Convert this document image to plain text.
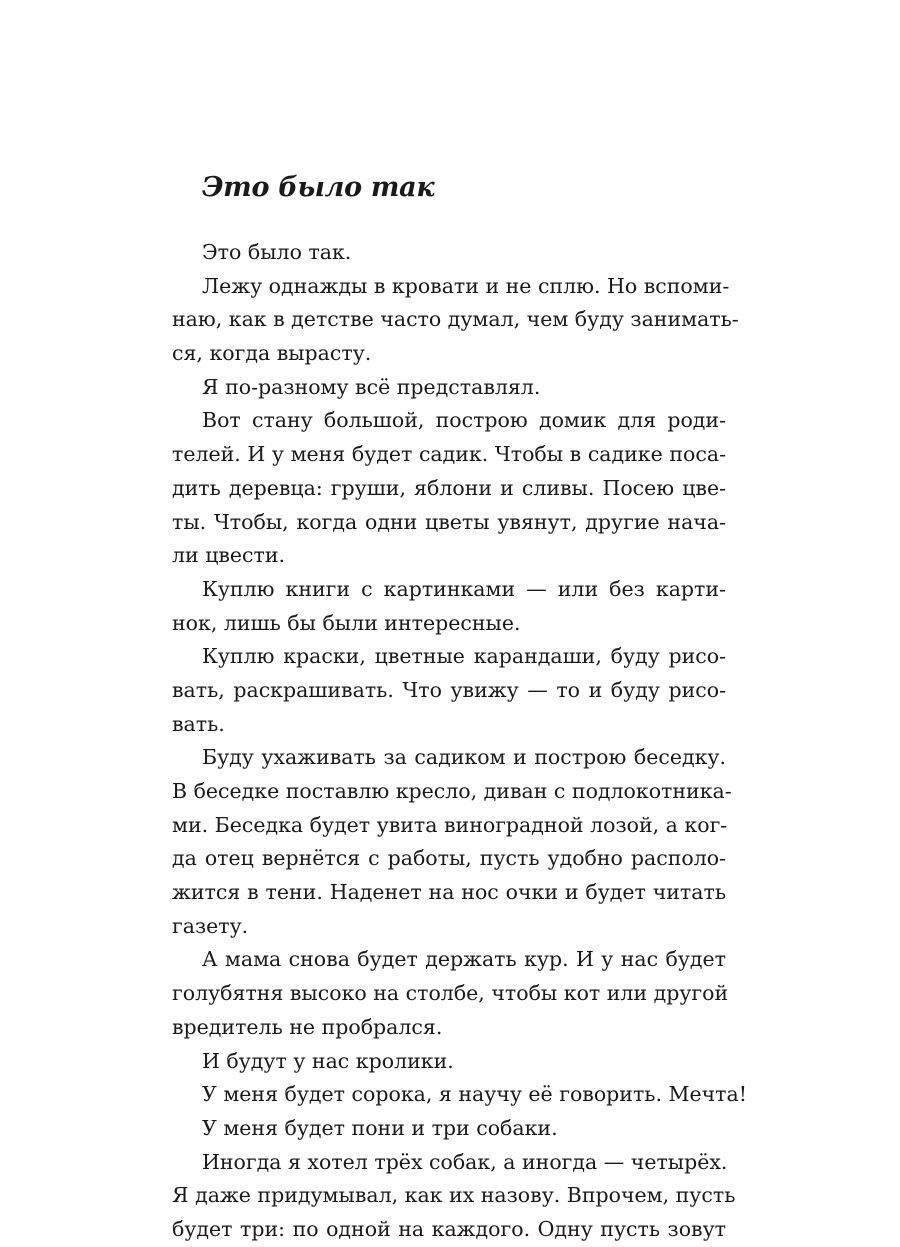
Это было так
Это было так.
Лежу однажды в кровати и не сплю. Но вспоми-
наю, как в детстве часто думал, чем буду занимать-
ся, когда вырасту.
Я по-разному всё представлял.
Вот стану большой, построю домик для роди-
телей. И у меня будет садик. Чтобы в садике поса-
дить деревца: груши, яблони и сливы. Посею цве-
ты. Чтобы, когда одни цветы увянут, другие нача-
ли цвести.
Куплю книги с картинками — или без карти-
нок, лишь бы были интересные.
Куплю краски, цветные карандаши, буду рисо-
вать, раскрашивать. Что увижу — то и буду рисо-
вать.
Буду ухаживать за садиком и построю беседку.
В беседке поставлю кресло, диван с подлокотника-
ми. Беседка будет увита виноградной лозой, а ког-
да отец вернётся с работы, пусть удобно располо-
жится в тени. Наденет на нос очки и будет читать
газету.
А мама снова будет держать кур. И у нас будет
голубятня высоко на столбе, чтобы кот или другой
вредитель не пробрался.
И будут у нас кролики.
У меня будет сорока, я научу её говорить. Мечта!
У меня будет пони и три собаки.
Иногда я хотел трёх собак, а иногда — четырёх.
Я даже придумывал, как их назову. Впрочем, пусть
будет три: по одной на каждого. Одну пусть зовут
